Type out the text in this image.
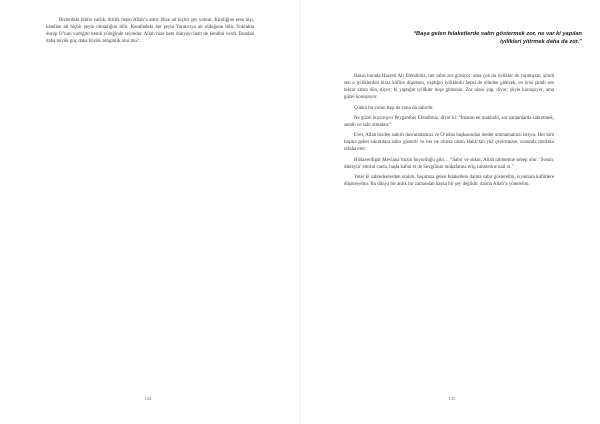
Bizlerdeki bütün varlık, dirilik hepsi Allah’a aittir. Bize ait hiçbir şey yoktur. Kimliğine eren kişi, kendine ait hiçbir şeyin olmadığını bilir. Kendindeki her şeyin Yaratıcıya ait olduğunu bilir. Yoklukta durup O’nun varlığını kendi yüreğinde seyreder. Allah bize hem dünyayı hem de kendini verdi. Bundan daha büyük güç daha büyük zenginlik olur mu?..

124
“Başa gelen felaketlerde sabrı göstermek zor, ne var ki yapılan iyilikleri yitirmek daha da zor.”

Bakın burada Hazreti Ali Efendimiz, her sabrı zor görüyor; ama çok da iyilikler de yapmışsın, şimdi sen o iyiliklerden biraz küfüre düşersen, yaptığın iyiliklerin hepsi de elinden gidecek, en iyisi şimdi sen tekrar sabra dön, diyor; ki yaptığın iyilikler boşa gitmesin. Zor olanı yap, diyor; şöyle konuşuyor, ama güzel konuşuyor.

Çünkü bu yolun başı da sonu da sabırdır.

Ne güzel buyuruyor Peygamber Efendimiz, diyor ki: “İmanın en makbulü, zor zamanlarda sabretmek, semih ve sahi olmaktır.”

Evet, Allah bizden sabırlı davranmamızı ve O’ndan başkasından medet ummamamızı istiyor. Her kim başına gelen sıkıntılara sabır gösterir ve her ne olursa olsun Hakk’tan yüz çevirmezse, sonunda mutlaka refaha erer.

Hüdaverdigâr Mevlana’mızın buyurduğu gibi… “Sabır ve sükut, Allah rahmetine sebep olur. ‘Susun, dinleyin’ emrini canla, başla kabul et de Sevgilinin mükafatına eriş, rahmetine nail ol.”

Yeter ki sabredenlerden olalım, başımıza gelen felaketlere daima sabır gösterelim, isyanlara küfürlere düşmeyelim. Bu dünya bir anlık bir zamandan başka bir şey değildir, daima Allah’a yönelelim.

125
